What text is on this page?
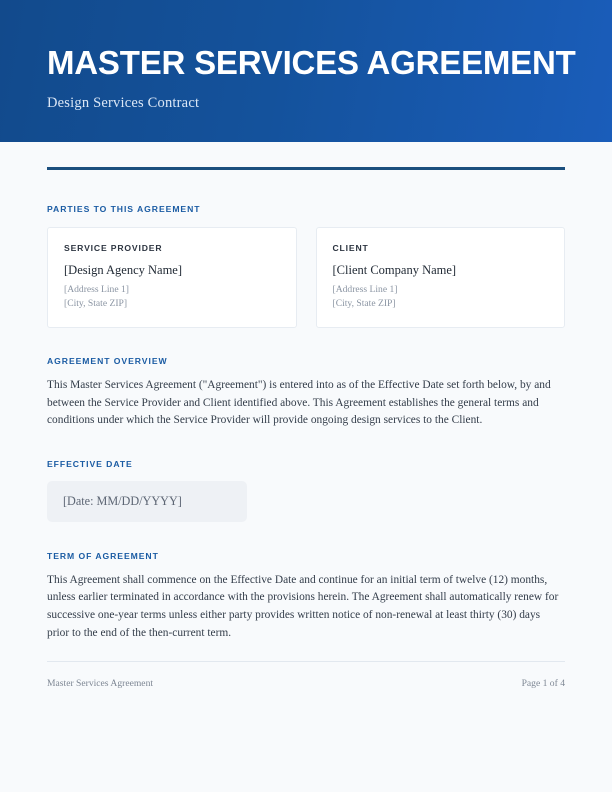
MASTER SERVICES AGREEMENT
Design Services Contract
PARTIES TO THIS AGREEMENT
SERVICE PROVIDER
[Design Agency Name]
[Address Line 1]
[City, State ZIP]
CLIENT
[Client Company Name]
[Address Line 1]
[City, State ZIP]
AGREEMENT OVERVIEW

This Master Services Agreement ("Agreement") is entered into as of the Effective Date set forth below, by and between the Service Provider and Client identified above. This Agreement establishes the general terms and conditions under which the Service Provider will provide ongoing design services to the Client.

EFFECTIVE DATE
[Date: MM/DD/YYYY]
TERM OF AGREEMENT

This Agreement shall commence on the Effective Date and continue for an initial term of twelve (12) months, unless earlier terminated in accordance with the provisions herein. The Agreement shall automatically renew for successive one-year terms unless either party provides written notice of non-renewal at least thirty (30) days prior to the end of the then-current term.

Master Services Agreement	Page 1 of 4
